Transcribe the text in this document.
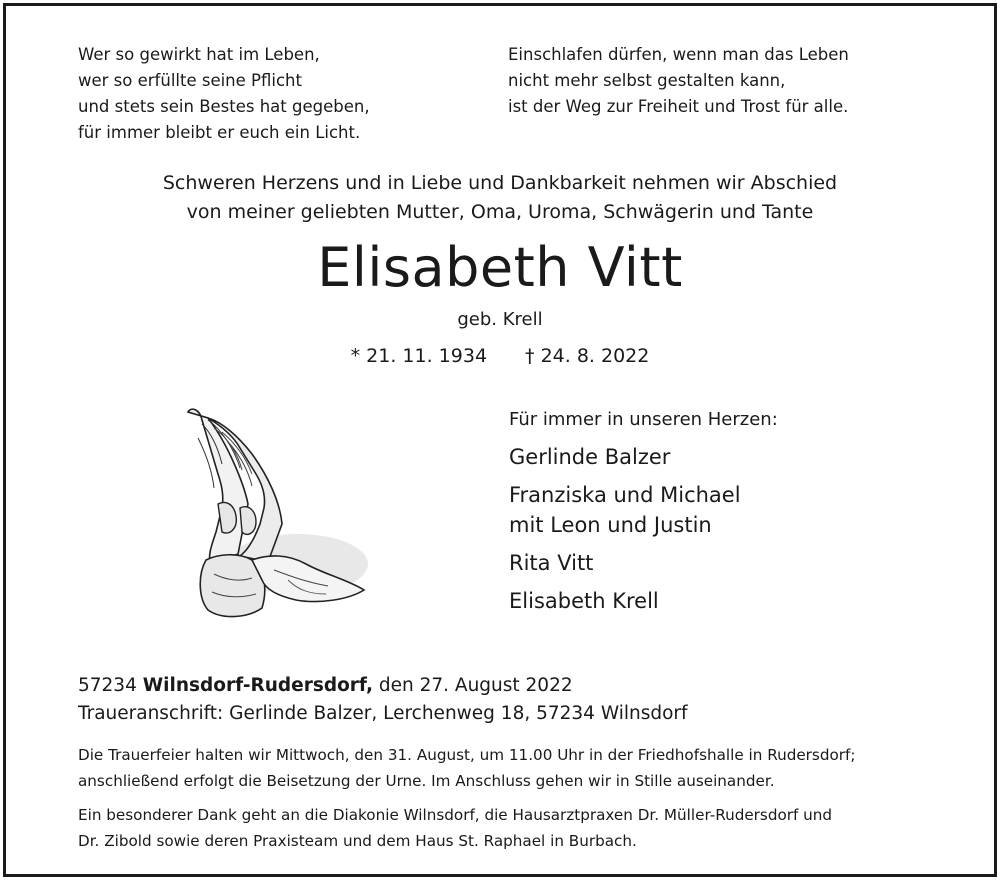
Wer so gewirkt hat im Leben,
wer so erfüllte seine Pflicht
und stets sein Bestes hat gegeben,
für immer bleibt er euch ein Licht.
Einschlafen dürfen, wenn man das Leben
nicht mehr selbst gestalten kann,
ist der Weg zur Freiheit und Trost für alle.
Schweren Herzens und in Liebe und Dankbarkeit nehmen wir Abschied
von meiner geliebten Mutter, Oma, Uroma, Schwägerin und Tante
Elisabeth Vitt
geb. Krell
* 21. 11. 1934 † 24. 8. 2022
Für immer in unseren Herzen:
Gerlinde Balzer
Franziska und Michael
mit Leon und Justin
Rita Vitt
Elisabeth Krell
57234 Wilnsdorf-Rudersdorf, den 27. August 2022
Traueranschrift: Gerlinde Balzer, Lerchenweg 18, 57234 Wilnsdorf
Die Trauerfeier halten wir Mittwoch, den 31. August, um 11.00 Uhr in der Friedhofshalle in Rudersdorf;
anschließend erfolgt die Beisetzung der Urne. Im Anschluss gehen wir in Stille auseinander.
Ein besonderer Dank geht an die Diakonie Wilnsdorf, die Hausarztpraxen Dr. Müller-Rudersdorf und
Dr. Zibold sowie deren Praxisteam und dem Haus St. Raphael in Burbach.
